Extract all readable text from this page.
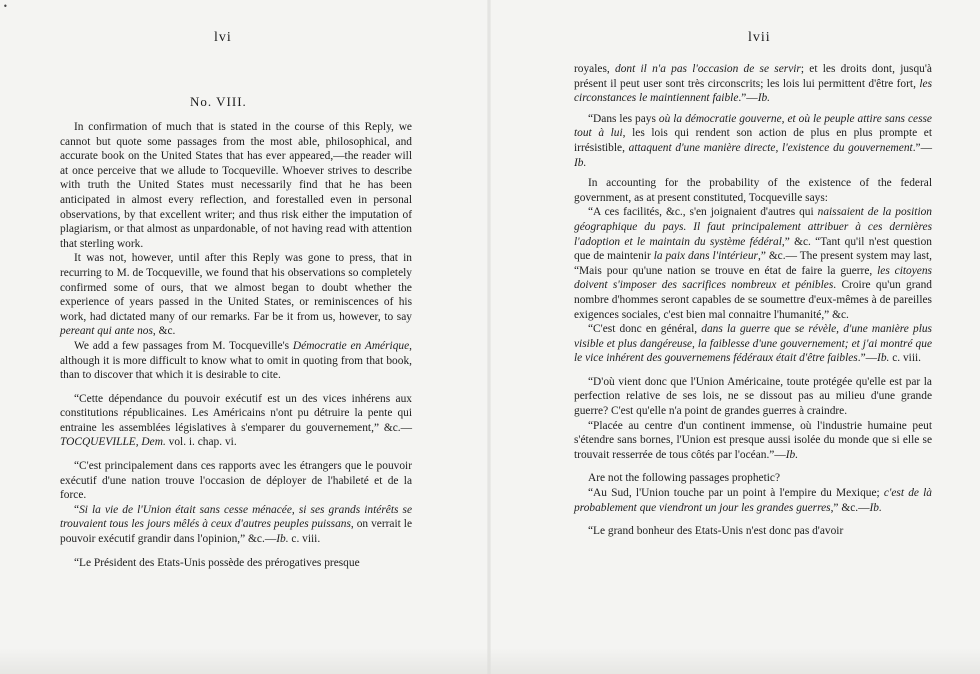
•
lvi
No. VIII.

In confirmation of much that is stated in the course of this Reply, we cannot but quote some passages from the most able, philosophical, and accurate book on the United States that has ever appeared,—the reader will at once perceive that we allude to Tocqueville. Whoever strives to describe with truth the United States must necessarily find that he has been anticipated in almost every reflection, and forestalled even in personal observations, by that excellent writer; and thus risk either the imputation of plagiarism, or that almost as unpardonable, of not having read with attention that sterling work.

It was not, however, until after this Reply was gone to press, that in recurring to M. de Tocqueville, we found that his observations so completely confirmed some of ours, that we almost began to doubt whether the experience of years passed in the United States, or reminiscences of his work, had dictated many of our remarks. Far be it from us, however, to say pereant qui ante nos, &c.

We add a few passages from M. Tocqueville's Démocratie en Amérique, although it is more difficult to know what to omit in quoting from that book, than to discover that which it is desirable to cite.

“Cette dépendance du pouvoir exécutif est un des vices inhérens aux constitutions républicaines. Les Américains n'ont pu détruire la pente qui entraine les assemblées législatives à s'emparer du gouvernement,” &c.— TOCQUEVILLE, Dem. vol. i. chap. vi.

“C'est principalement dans ces rapports avec les étrangers que le pouvoir exécutif d'une nation trouve l'occasion de déployer de l'habileté et de la force.

“Si la vie de l'Union était sans cesse ménacée, si ses grands intérêts se trouvaient tous les jours mêlés à ceux d'autres peuples puissans, on verrait le pouvoir exécutif grandir dans l'opinion,” &c.—Ib. c. viii.

“Le Président des Etats-Unis possède des prérogatives presque

lvii

royales, dont il n'a pas l'occasion de se servir; et les droits dont, jusqu'à présent il peut user sont très circonscrits; les lois lui permittent d'être fort, les circonstances le maintiennent faible.”—Ib.

“Dans les pays où la démocratie gouverne, et où le peuple attire sans cesse tout à lui, les lois qui rendent son action de plus en plus prompte et irrésistible, attaquent d'une manière directe, l'existence du gouvernement.”—Ib.

In accounting for the probability of the existence of the federal government, as at present constituted, Tocqueville says:

“A ces facilités, &c., s'en joignaient d'autres qui naissaient de la position géographique du pays. Il faut principalement attribuer à ces dernières l'adoption et le maintain du système fédéral,” &c. “Tant qu'il n'est question que de maintenir la paix dans l'intérieur,” &c.— The present system may last, “Mais pour qu'une nation se trouve en état de faire la guerre, les citoyens doivent s'imposer des sacrifices nombreux et pénibles. Croire qu'un grand nombre d'hommes seront capables de se soumettre d'eux-mêmes à de pareilles exigences sociales, c'est bien mal connaitre l'humanité,” &c.

“C'est donc en général, dans la guerre que se révèle, d'une manière plus visible et plus dangéreuse, la faiblesse d'une gouvernement; et j'ai montré que le vice inhérent des gouvernemens fédéraux était d'être faibles.”—Ib. c. viii.

“D'où vient donc que l'Union Américaine, toute protégée qu'elle est par la perfection relative de ses lois, ne se dissout pas au milieu d'une grande guerre? C'est qu'elle n'a point de grandes guerres à craindre.

“Placée au centre d'un continent immense, où l'industrie humaine peut s'étendre sans bornes, l'Union est presque aussi isolée du monde que si elle se trouvait resserrée de tous côtés par l'océan.”—Ib.

Are not the following passages prophetic?

“Au Sud, l'Union touche par un point à l'empire du Mexique; c'est de là probablement que viendront un jour les grandes guerres,” &c.—Ib.

“Le grand bonheur des Etats-Unis n'est donc pas d'avoir
